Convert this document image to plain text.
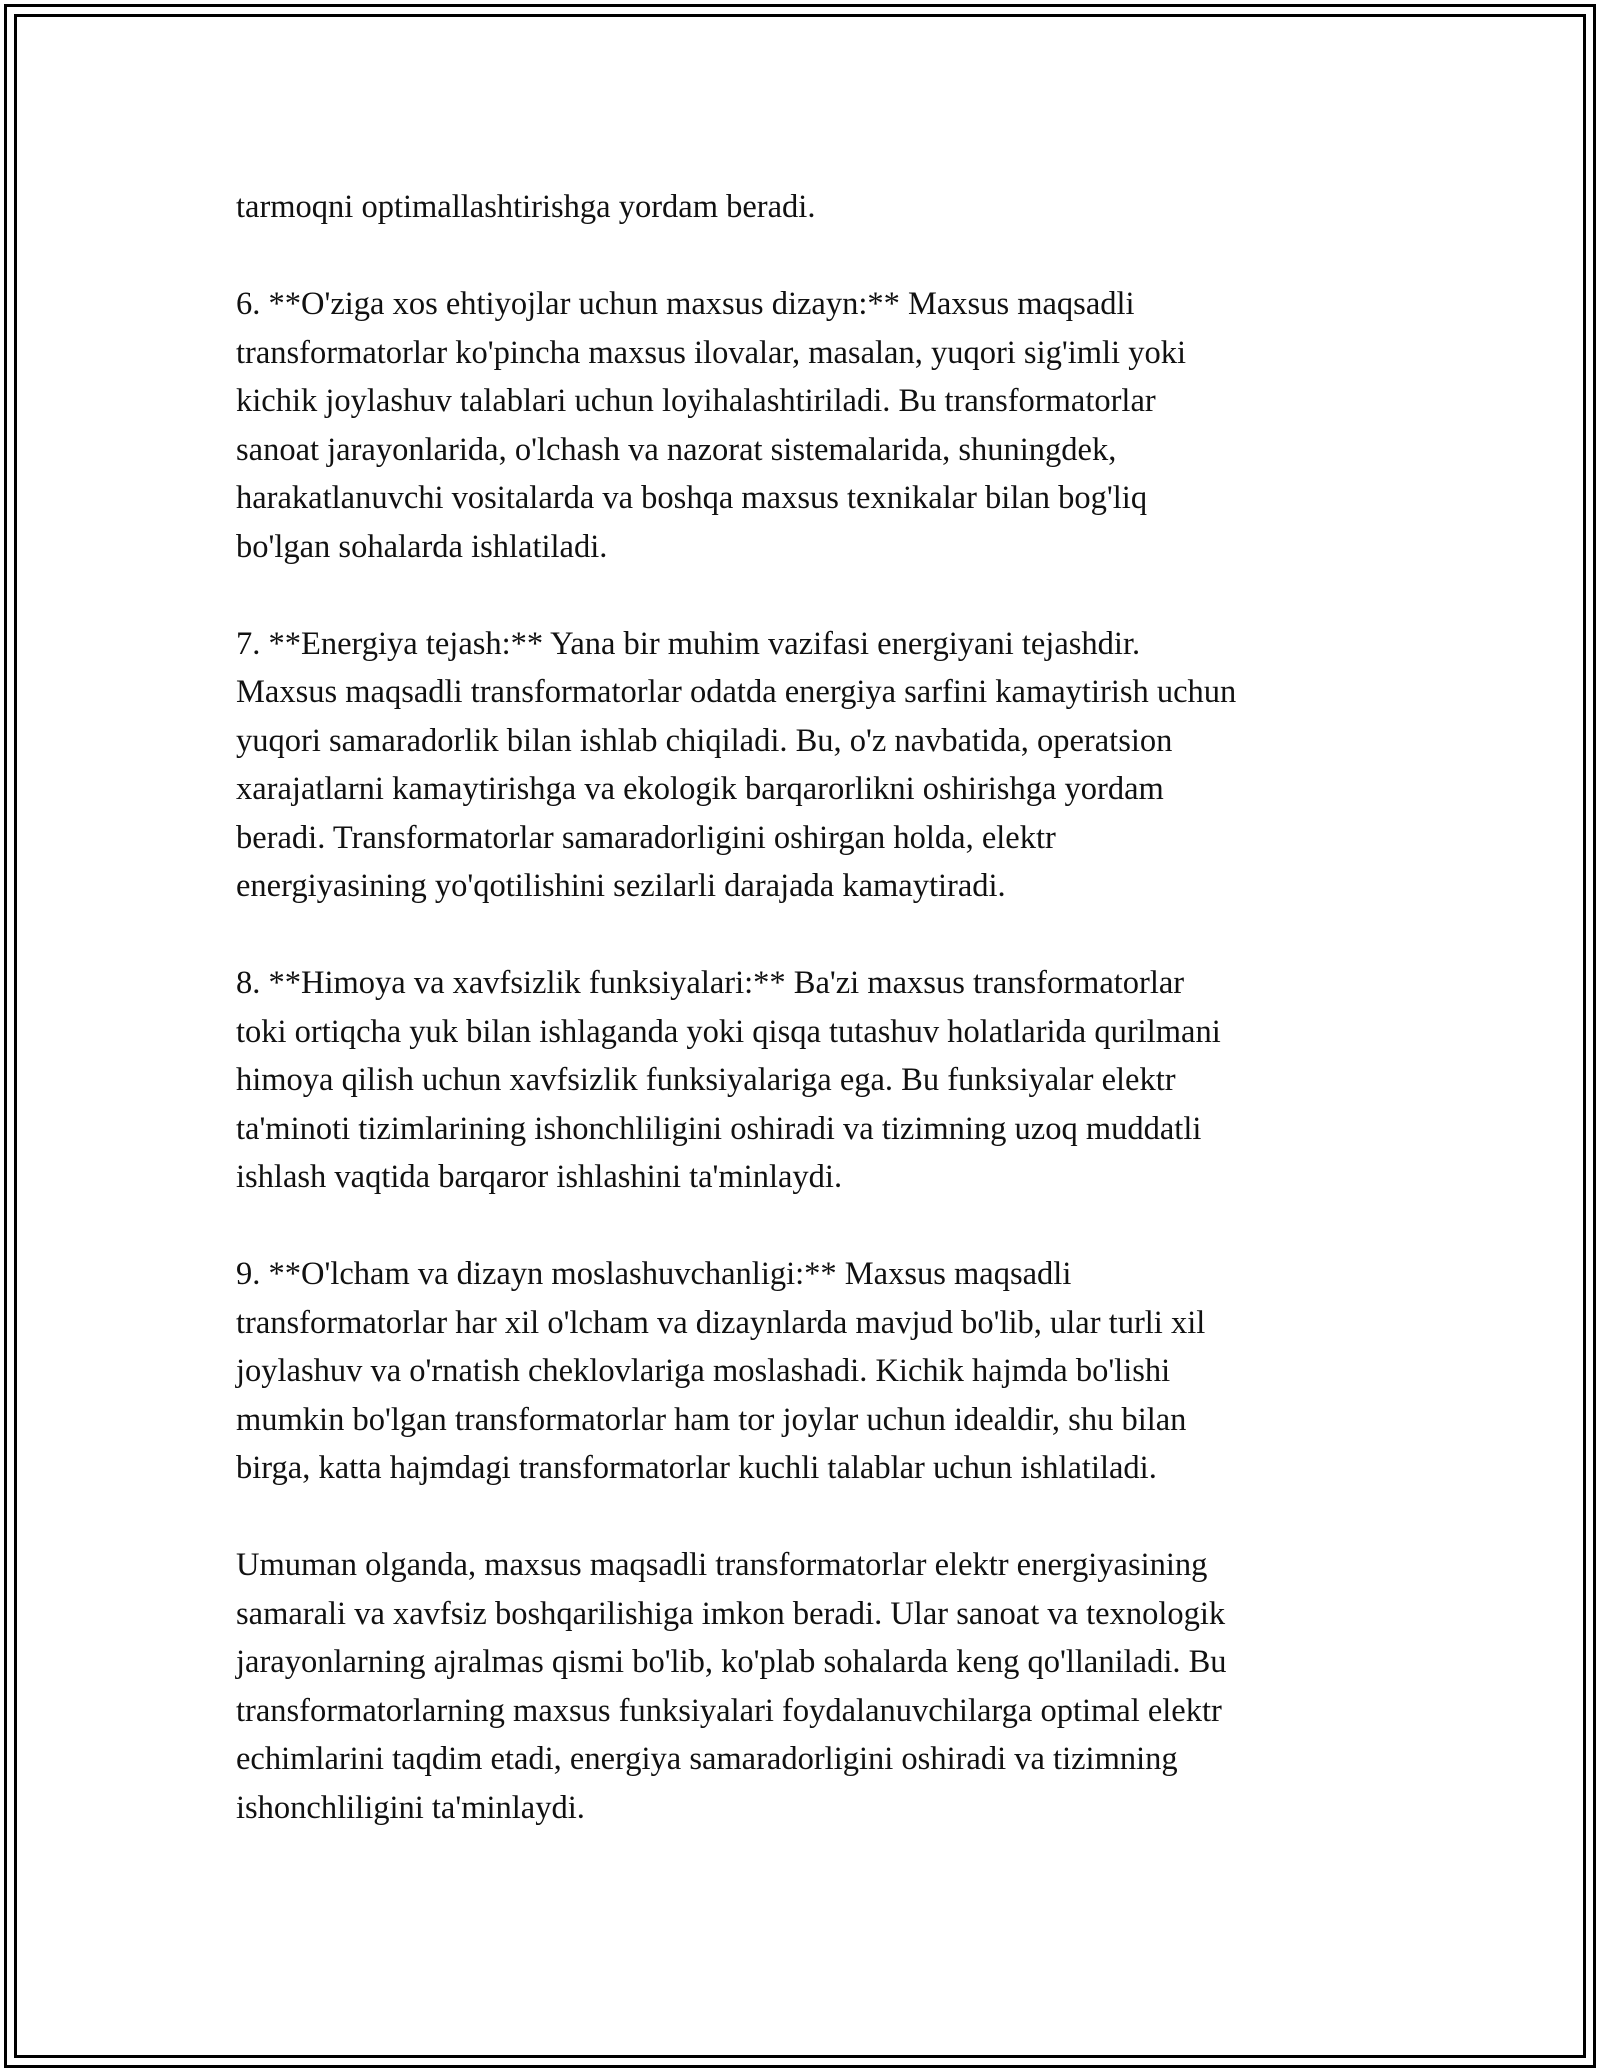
tarmoqni optimallashtirishga yordam beradi.

6. **O'ziga xos ehtiyojlar uchun maxsus dizayn:** Maxsus maqsadli
transformatorlar ko'pincha maxsus ilovalar, masalan, yuqori sig'imli yoki
kichik joylashuv talablari uchun loyihalashtiriladi. Bu transformatorlar
sanoat jarayonlarida, o'lchash va nazorat sistemalarida, shuningdek,
harakatlanuvchi vositalarda va boshqa maxsus texnikalar bilan bog'liq
bo'lgan sohalarda ishlatiladi.

7. **Energiya tejash:** Yana bir muhim vazifasi energiyani tejashdir.
Maxsus maqsadli transformatorlar odatda energiya sarfini kamaytirish uchun
yuqori samaradorlik bilan ishlab chiqiladi. Bu, o'z navbatida, operatsion
xarajatlarni kamaytirishga va ekologik barqarorlikni oshirishga yordam
beradi. Transformatorlar samaradorligini oshirgan holda, elektr
energiyasining yo'qotilishini sezilarli darajada kamaytiradi.

8. **Himoya va xavfsizlik funksiyalari:** Ba'zi maxsus transformatorlar
toki ortiqcha yuk bilan ishlaganda yoki qisqa tutashuv holatlarida qurilmani
himoya qilish uchun xavfsizlik funksiyalariga ega. Bu funksiyalar elektr
ta'minoti tizimlarining ishonchliligini oshiradi va tizimning uzoq muddatli
ishlash vaqtida barqaror ishlashini ta'minlaydi.

9. **O'lcham va dizayn moslashuvchanligi:** Maxsus maqsadli
transformatorlar har xil o'lcham va dizaynlarda mavjud bo'lib, ular turli xil
joylashuv va o'rnatish cheklovlariga moslashadi. Kichik hajmda bo'lishi
mumkin bo'lgan transformatorlar ham tor joylar uchun idealdir, shu bilan
birga, katta hajmdagi transformatorlar kuchli talablar uchun ishlatiladi.

Umuman olganda, maxsus maqsadli transformatorlar elektr energiyasining
samarali va xavfsiz boshqarilishiga imkon beradi. Ular sanoat va texnologik
jarayonlarning ajralmas qismi bo'lib, ko'plab sohalarda keng qo'llaniladi. Bu
transformatorlarning maxsus funksiyalari foydalanuvchilarga optimal elektr
echimlarini taqdim etadi, energiya samaradorligini oshiradi va tizimning
ishonchliligini ta'minlaydi.
